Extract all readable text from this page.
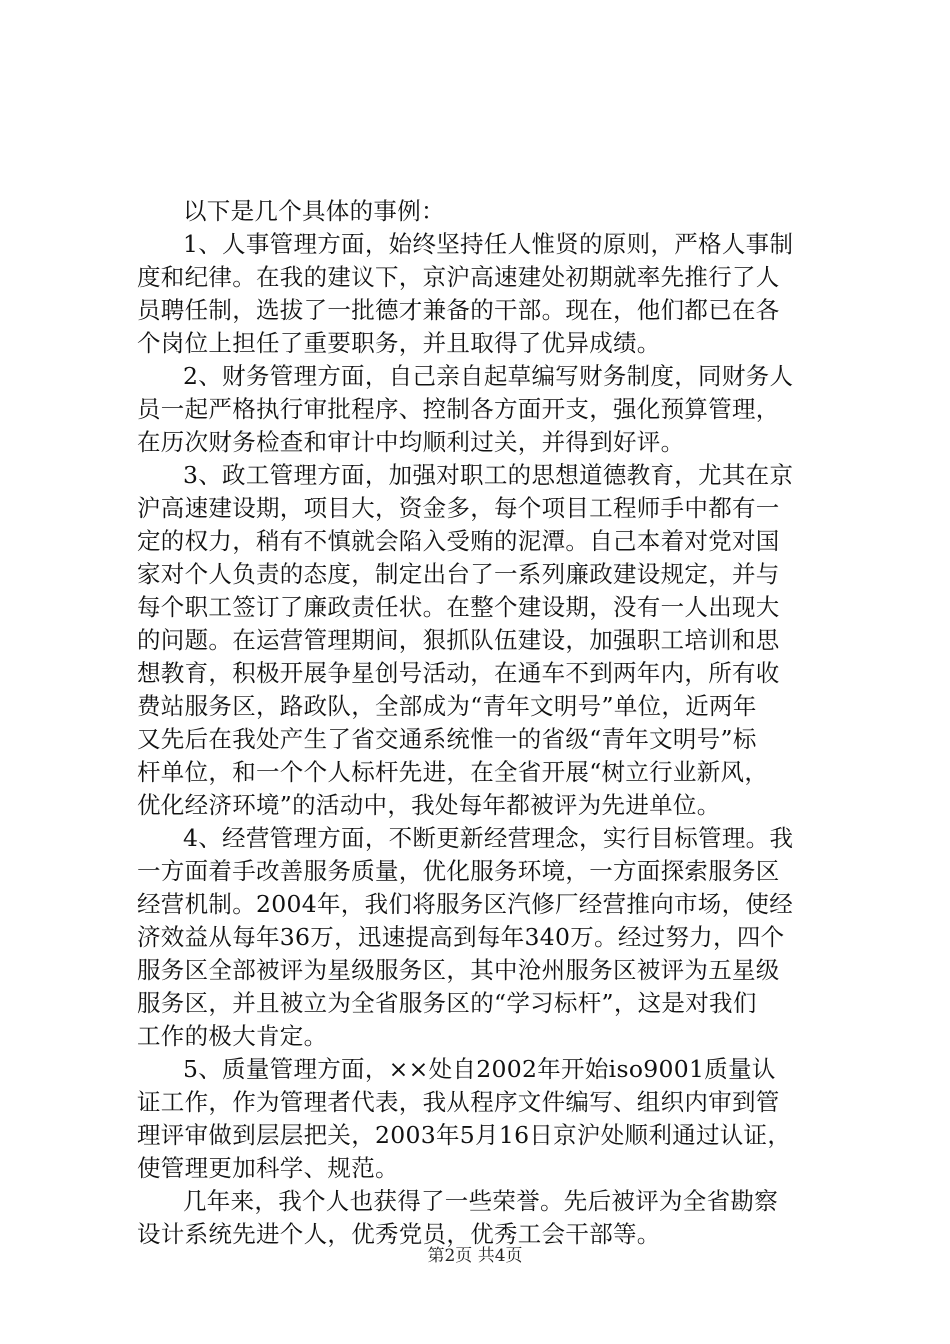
以下是几个具体的事例：
1、人事管理方面，始终坚持任人惟贤的原则，严格人事制
度和纪律。在我的建议下，京沪高速建处初期就率先推行了人
员聘任制，选拔了一批德才兼备的干部。现在，他们都已在各
个岗位上担任了重要职务，并且取得了优异成绩。
2、财务管理方面，自己亲自起草编写财务制度，同财务人
员一起严格执行审批程序、控制各方面开支，强化预算管理，
在历次财务检查和审计中均顺利过关，并得到好评。
3、政工管理方面，加强对职工的思想道德教育，尤其在京
沪高速建设期，项目大，资金多，每个项目工程师手中都有一
定的权力，稍有不慎就会陷入受贿的泥潭。自己本着对党对国
家对个人负责的态度，制定出台了一系列廉政建设规定，并与
每个职工签订了廉政责任状。在整个建设期，没有一人出现大
的问题。在运营管理期间，狠抓队伍建设，加强职工培训和思
想教育，积极开展争星创号活动，在通车不到两年内，所有收
费站服务区，路政队，全部成为“青年文明号”单位，近两年
又先后在我处产生了省交通系统惟一的省级“青年文明号”标
杆单位，和一个个人标杆先进，在全省开展“树立行业新风，
优化经济环境”的活动中，我处每年都被评为先进单位。
4、经营管理方面，不断更新经营理念，实行目标管理。我
一方面着手改善服务质量，优化服务环境，一方面探索服务区
经营机制。2004年，我们将服务区汽修厂经营推向市场，使经
济效益从每年36万，迅速提高到每年340万。经过努力，四个
服务区全部被评为星级服务区，其中沧州服务区被评为五星级
服务区，并且被立为全省服务区的“学习标杆”，这是对我们
工作的极大肯定。
5、质量管理方面，××处自2002年开始iso9001质量认
证工作，作为管理者代表，我从程序文件编写、组织内审到管
理评审做到层层把关，2003年5月16日京沪处顺利通过认证，
使管理更加科学、规范。
几年来，我个人也获得了一些荣誉。先后被评为全省勘察
设计系统先进个人，优秀党员，优秀工会干部等。
第2页 共4页
